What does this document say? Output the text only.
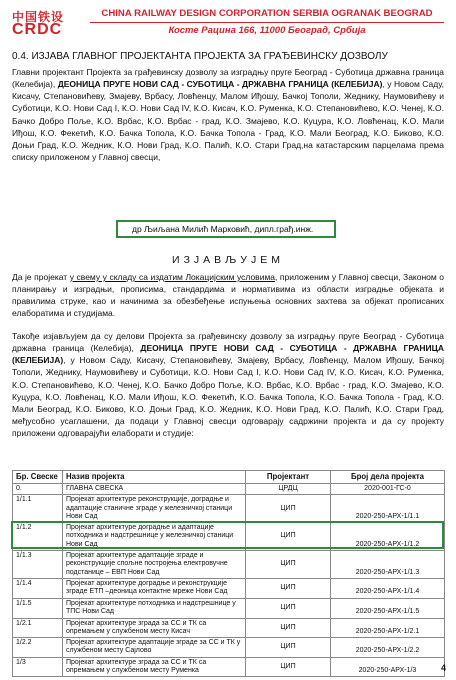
中国铁设
CRDC
CHINA RAILWAY DESIGN CORPORATION SERBIA OGRANAK BEOGRAD
Косте Рацина 166, 11000 Београд, Србија
0.4. ИЗЈАВА ГЛАВНОГ ПРОЈЕКТАНТА ПРОЈЕКТА ЗА ГРАЂЕВИНСКУ ДОЗВОЛУ

Главни пројектант Пројекта за грађевинску дозволу за изградњу пруге Београд - Суботица државна граница (Келебија), ДЕОНИЦА ПРУГЕ НОВИ САД - СУБОТИЦА - ДРЖАВНА ГРАНИЦА (КЕЛЕБИЈА), у Новом Саду, Кисачу, Степановићеву, Змајеву, Врбасу, Ловћенцу, Малом Иђошу, Бачкој Тополи, Жеднику, Наумовићеву и Суботици, К.О. Нови Сад I, К.О. Нови Сад IV, К.О. Кисач, К.О. Руменка, К.О. Степановићево, К.О. Ченеј, К.О. Бачко Добро Поље, К.О. Врбас, К.О. Врбас - град, К.О. Змајево, К.О. Куцура, К.О. Ловћенац, К.О. Мали Иђош, К.О. Фекетић, К.О. Бачка Топола, К.О. Бачка Топола - Град, К.О. Мали Београд, К.О. Биково, К.О. Доњи Град, К.О. Жедник, К.О. Нови Град, К.О. Палић, К.О. Стари Град,на катастарским парцелама према списку приложеном у Главној свесци,

др Љиљана Милић Марковић, дипл.грађ.инж.
ИЗЈАВЉУЈЕМ

Да је пројекат у свему у складу са издатим Локацијским условима, приложеним у Главној свесци, Законом о планирању и изградњи, прописима, стандардима и нормативима из области изградње објеката и правилима струке, као и начинима за обезбеђење испуњења основних захтева за објекат прописаних елаборатима и студијама.

Такође изјављујем да су делови Пројекта за грађевинску дозволу за изградњу пруге Београд - Суботица државна граница (Келебија), ДЕОНИЦА ПРУГЕ НОВИ САД - СУБОТИЦА - ДРЖАВНА ГРАНИЦА (КЕЛЕБИЈА), у Новом Саду, Кисачу, Степановићеву, Змајеву, Врбасу, Ловћенцу, Малом Иђошу, Бачкој Тополи, Жеднику, Наумовићеву и Суботици, К.О. Нови Сад I, К.О. Нови Сад IV, К.О. Кисач, К.О. Руменка, К.О. Степановићево, К.О. Ченеј, К.О. Бачко Добро Поље, К.О. Врбас, К.О. Врбас - град, К.О. Змајево, К.О. Куцура, К.О. Ловћенац, К.О. Мали Иђош, К.О. Фекетић, К.О. Бачка Топола, К.О. Бачка Топола - Град, К.О. Мали Београд, К.О. Биково, К.О. Доњи Град, К.О. Жедник, К.О. Нови Град, К.О. Палић, К.О. Стари Град, међусобно усаглашени, да подаци у Главној свесци одговарају садржини пројекта и да су пројекту приложени одговарајући елаборати и студије:

Бр. Свеске	Назив пројекта	Пројектант	Број дела пројекта
0.	ГЛАВНА СВЕСКА	ЦРДЦ	2020-001-ГС-0
1/1.1	Пројекат архитектуре реконструкције, доградње и адаптације станичне зграде у железничкој станици Нови Сад	ЦИП	2020-250-АРХ-1/1.1
1/1.2	Пројекат архитектуре доградње и адаптације потходника и надстрешнице у железничкој станици Нови Сад	ЦИП	2020-250-АРХ-1/1.2
1/1.3	Пројекат архитектуре адаптације зграде и реконструкције спољне постројења електровучне подстанице – ЕВП Нови Сад	ЦИП	2020-250-АРХ-1/1.3
1/1.4	Пројекат архитектуре доградње и реконструкције зграде ЕТП –деоница контактне мреже Нови Сад	ЦИП	2020-250-АРХ-1/1.4
1/1.5	Пројекат архитектуре потходника и надстрешнице у ТПС Нови Сад	ЦИП	2020-250-АРХ-1/1.5
1/2.1	Пројекат архитектуре зграда за СС и ТК са опремањем у службеном месту Кисач	ЦИП	2020-250-АРХ-1/2.1
1/2.2	Пројекат архитектуре адаптације зграде за СС и ТК у службеном месту Сајлово	ЦИП	2020-250-АРХ-1/2.2
1/3	Пројекат архитектуре зграда за СС и ТК са опремањем у службеном месту Руменка	ЦИП	2020-250-АРХ-1/3	4
